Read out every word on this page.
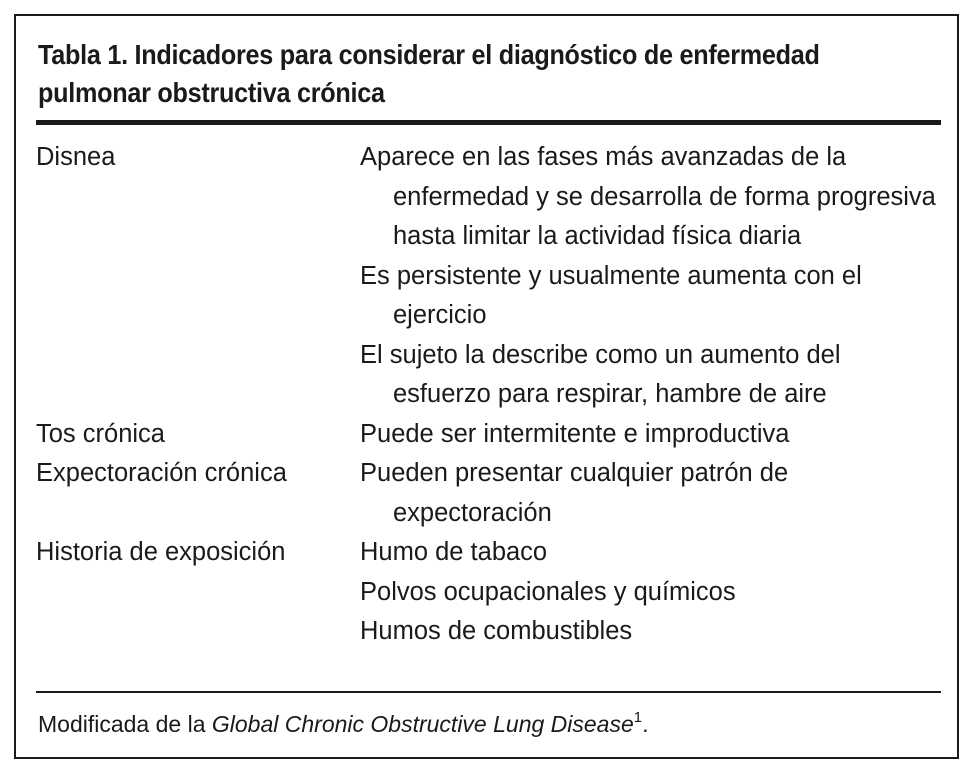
Tabla 1. Indicadores para considerar el diagnóstico de enfermedad pulmonar obstructiva crónica
Disnea	Aparece en las fases más avanzadas de la enfermedad y se desarrolla de forma progresiva hasta limitar la actividad física diaria
Es persistente y usualmente aumenta con el ejercicio
El sujeto la describe como un aumento del esfuerzo para respirar, hambre de aire
Tos crónica	Puede ser intermitente e improductiva
Expectoración crónica	Pueden presentar cualquier patrón de expectoración
Historia de exposición	Humo de tabaco
Polvos ocupacionales y químicos
Humos de combustibles
Modificada de la Global Chronic Obstructive Lung Disease$^1$.
